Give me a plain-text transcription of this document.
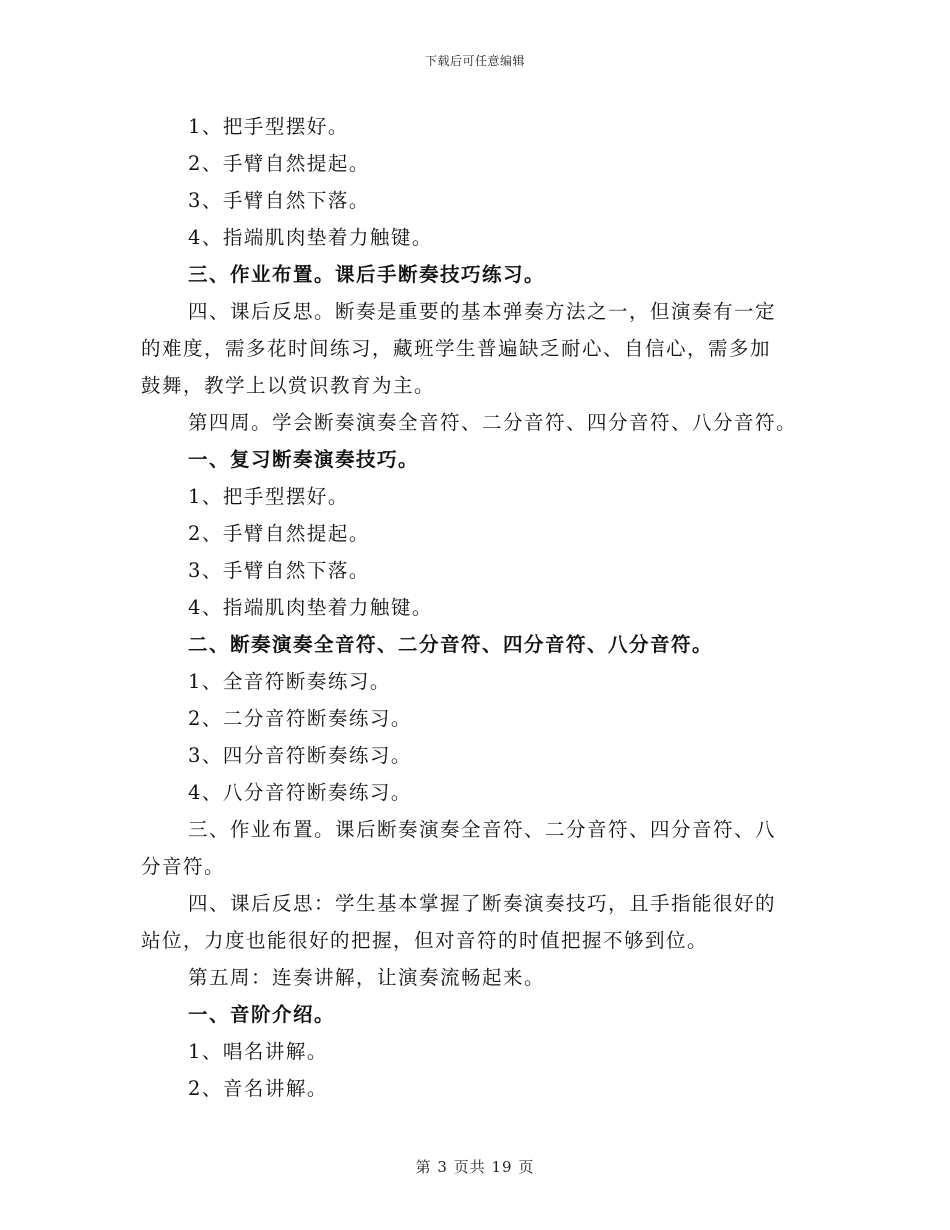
下载后可任意编辑
1、把手型摆好。
2、手臂自然提起。
3、手臂自然下落。
4、指端肌肉垫着力触键。
三、作业布置。课后手断奏技巧练习。
四、课后反思。断奏是重要的基本弹奏方法之一，但演奏有一定
的难度，需多花时间练习，藏班学生普遍缺乏耐心、自信心，需多加
鼓舞，教学上以赏识教育为主。
第四周。学会断奏演奏全音符、二分音符、四分音符、八分音符。
一、复习断奏演奏技巧。
1、把手型摆好。
2、手臂自然提起。
3、手臂自然下落。
4、指端肌肉垫着力触键。
二、断奏演奏全音符、二分音符、四分音符、八分音符。
1、全音符断奏练习。
2、二分音符断奏练习。
3、四分音符断奏练习。
4、八分音符断奏练习。
三、作业布置。课后断奏演奏全音符、二分音符、四分音符、八
分音符。
四、课后反思：学生基本掌握了断奏演奏技巧，且手指能很好的
站位，力度也能很好的把握，但对音符的时值把握不够到位。
第五周：连奏讲解，让演奏流畅起来。
一、音阶介绍。
1、唱名讲解。
2、音名讲解。
第 3 页共 19 页
